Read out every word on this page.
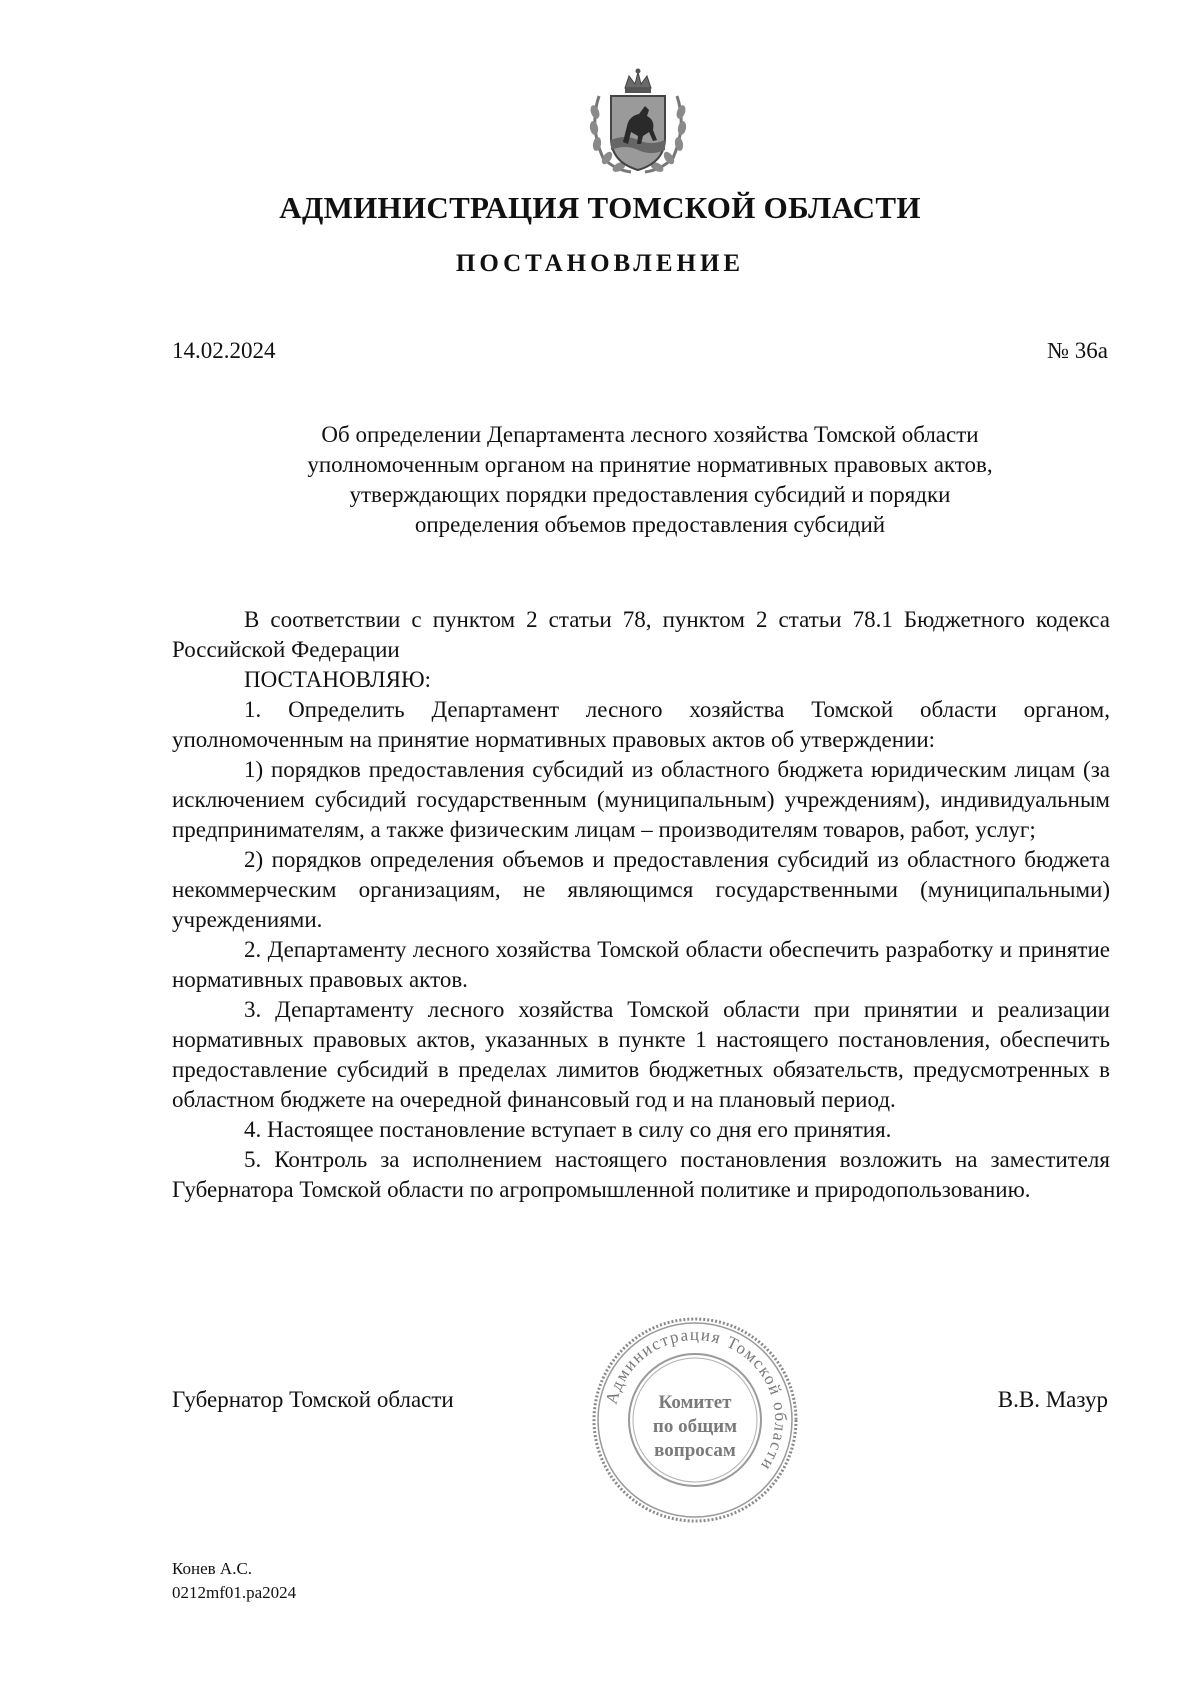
АДМИНИСТРАЦИЯ ТОМСКОЙ ОБЛАСТИ
ПОСТАНОВЛЕНИЕ
14.02.2024	№ 36а
Об определении Департамента лесного хозяйства Томской области
уполномоченным органом на принятие нормативных правовых актов,
утверждающих порядки предоставления субсидий и порядки
определения объемов предоставления субсидий

В соответствии с пунктом 2 статьи 78, пунктом 2 статьи 78.1 Бюджетного кодекса Российской Федерации

ПОСТАНОВЛЯЮ:

1. Определить Департамент лесного хозяйства Томской области органом, уполномоченным на принятие нормативных правовых актов об утверждении:

1) порядков предоставления субсидий из областного бюджета юридическим лицам (за исключением субсидий государственным (муниципальным) учреждениям), индивидуальным предпринимателям, а также физическим лицам – производителям товаров, работ, услуг;

2) порядков определения объемов и предоставления субсидий из областного бюджета некоммерческим организациям, не являющимся государственными (муниципальными) учреждениями.

2. Департаменту лесного хозяйства Томской области обеспечить разработку и принятие нормативных правовых актов.

3. Департаменту лесного хозяйства Томской области при принятии и реализации нормативных правовых актов, указанных в пункте 1 настоящего постановления, обеспечить предоставление субсидий в пределах лимитов бюджетных обязательств, предусмотренных в областном бюджете на очередной финансовый год и на плановый период.

4. Настоящее постановление вступает в силу со дня его принятия.

5. Контроль за исполнением настоящего постановления возложить на заместителя Губернатора Томской области по агропромышленной политике и природопользованию.

Губернатор Томской области	В.В. Мазур
Администрация Томской области
Комитет
по общим
вопросам
Конев А.С.
0212mf01.pa2024
